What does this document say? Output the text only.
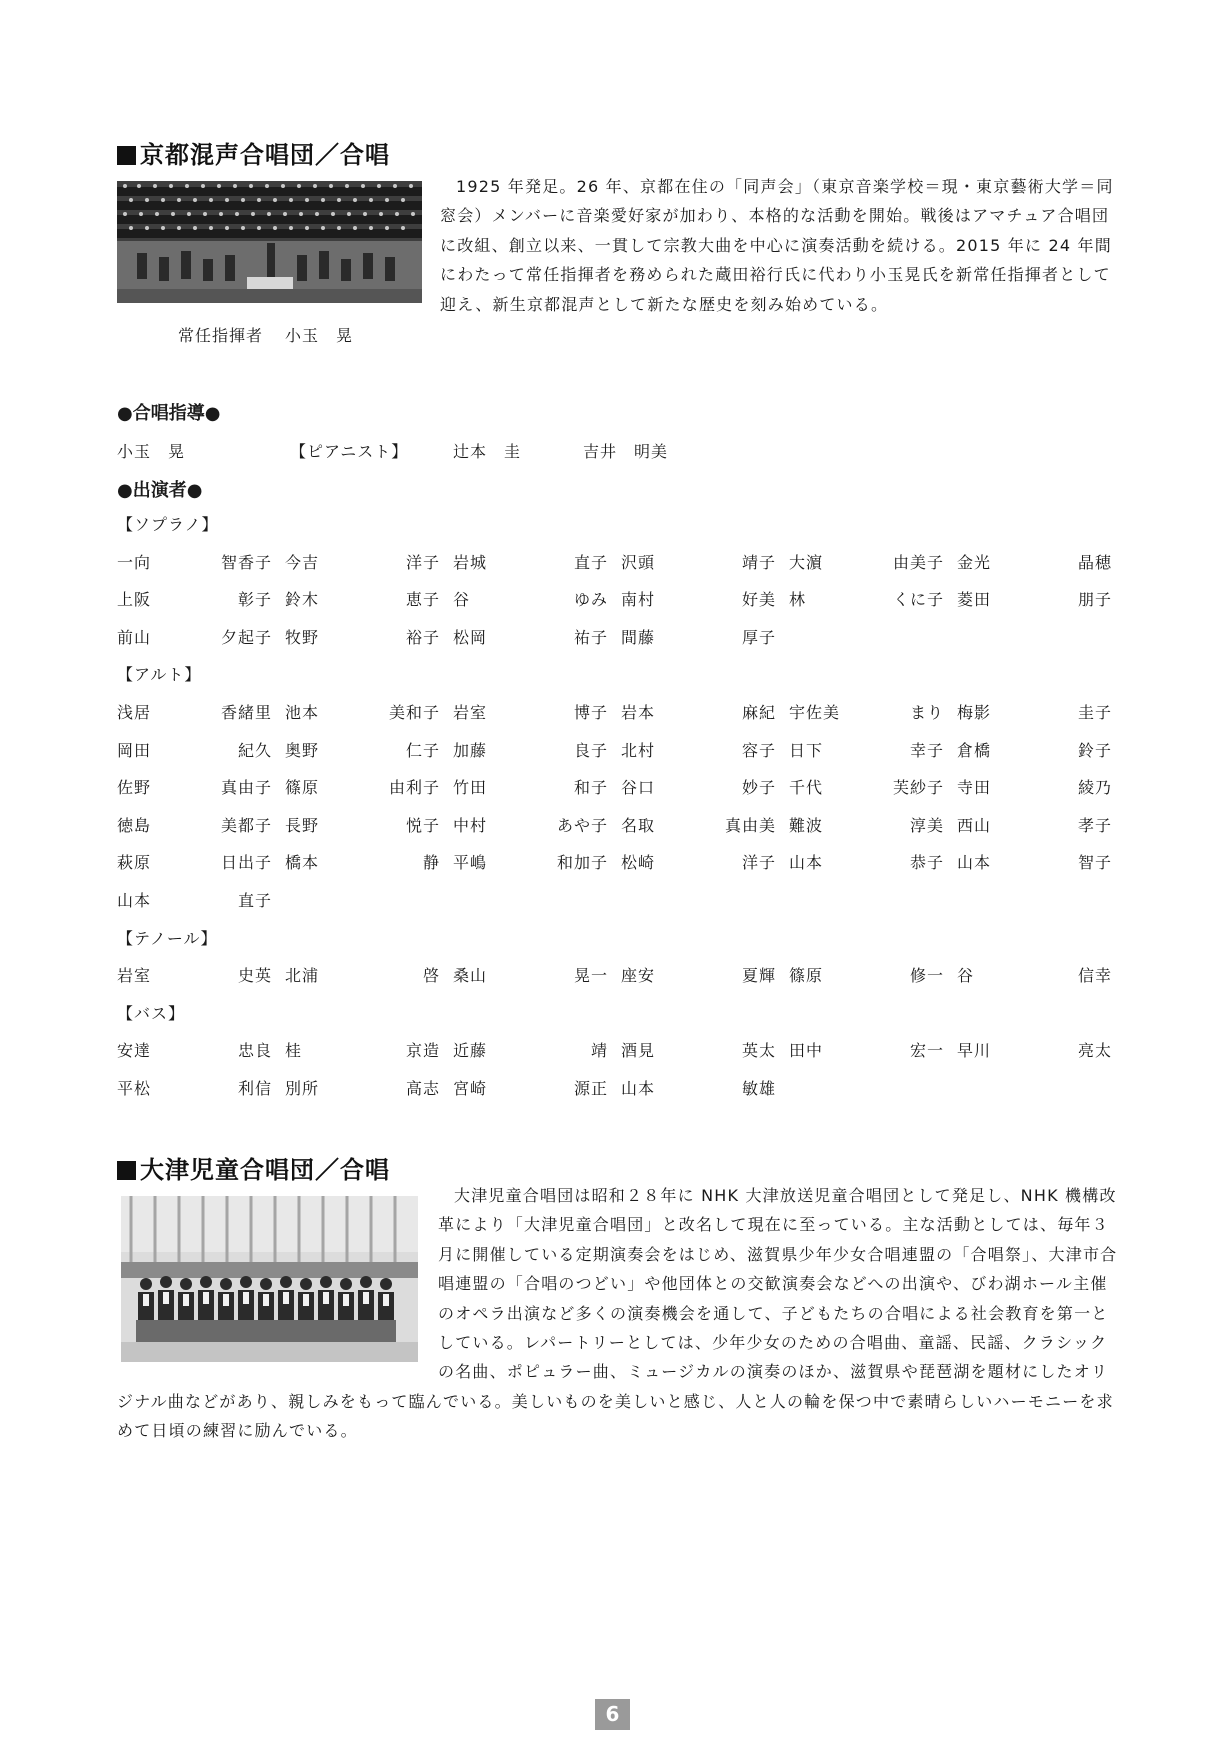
京都混声合唱団／合唱
常任指揮者 小玉　晃

1925 年発足。26 年、京都在住の「同声会」（東京音楽学校＝現・東京藝術大学＝同窓会）メンバーに音楽愛好家が加わり、本格的な活動を開始。戦後はアマチュア合唱団に改組、創立以来、一貫して宗教大曲を中心に演奏活動を続ける。2015 年に 24 年間にわたって常任指揮者を務められた蔵田裕行氏に代わり小玉晃氏を新常任指揮者として迎え、新生京都混声として新たな歴史を刻み始めている。

●合唱指導●
小玉　晃	【ピアニスト】	辻本　圭	吉井　明美
●出演者●
【ソプラノ】
一向	智香子 今吉	洋子 岩城	直子 沢頭	靖子 大濵	由美子 金光	晶穂
上阪	彰子 鈴木	恵子 谷	ゆみ 南村	好美 林	くに子 菱田	朋子
前山	夕起子 牧野	裕子 松岡	祐子 間藤	厚子
【アルト】
浅居	香緒里 池本	美和子 岩室	博子 岩本	麻紀 宇佐美	まり 梅影	圭子
岡田	紀久 奥野	仁子 加藤	良子 北村	容子 日下	幸子 倉橋	鈴子
佐野	真由子 篠原	由利子 竹田	和子 谷口	妙子 千代	芙紗子 寺田	綾乃
徳島	美都子 長野	悦子 中村	あや子 名取	真由美 難波	淳美 西山	孝子
萩原	日出子 橋本	静 平嶋	和加子 松崎	洋子 山本	恭子 山本	智子
山本	直子
【テノール】
岩室	史英 北浦	啓 桑山	晃一 座安	夏輝 篠原	修一 谷	信幸
【バス】
安達	忠良 桂	京造 近藤	靖 酒見	英太 田中	宏一 早川	亮太
平松	利信 別所	高志 宮崎	源正 山本	敏雄
大津児童合唱団／合唱

大津児童合唱団は昭和２８年に NHK 大津放送児童合唱団として発足し、NHK 機構改革により「大津児童合唱団」と改名して現在に至っている。主な活動としては、毎年３月に開催している定期演奏会をはじめ、滋賀県少年少女合唱連盟の「合唱祭」、大津市合唱連盟の「合唱のつどい」や他団体との交歓演奏会などへの出演や、びわ湖ホール主催のオペラ出演など多くの演奏機会を通して、子どもたちの合唱による社会教育を第一としている。レパートリーとしては、少年少女のための合唱曲、童謡、民謡、クラシックの名曲、ポピュラー曲、ミュージカルの演奏のほか、滋賀県や琵琶湖を題材にしたオリジナル曲などがあり、親しみをもって臨んでいる。美しいものを美しいと感じ、人と人の輪を保つ中で素晴らしいハーモニーを求めて日頃の練習に励んでいる。

6
